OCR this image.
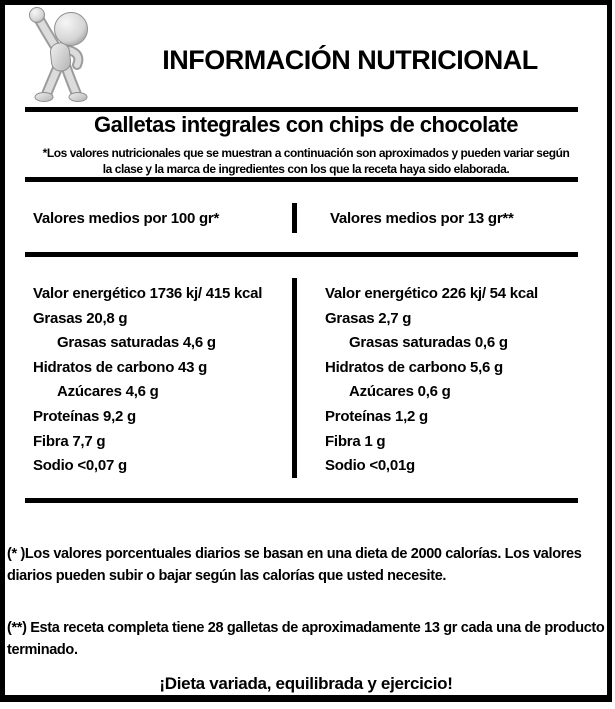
INFORMACIÓN NUTRICIONAL
Galletas integrales con chips de chocolate
*Los valores nutricionales que se muestran a continuación son aproximados y pueden variar según
la clase y la marca de ingredientes con los que la receta haya sido elaborada.
Valores medios por 100 gr*	Valores medios por 13 gr**
Valor energético 1736 kj/ 415 kcal
Grasas 20,8 g
Grasas saturadas 4,6 g
Hidratos de carbono 43 g
Azúcares 4,6 g
Proteínas 9,2 g
Fibra 7,7 g
Sodio <0,07 g
Valor energético 226 kj/ 54 kcal
Grasas 2,7 g
Grasas saturadas 0,6 g
Hidratos de carbono 5,6 g
Azúcares 0,6 g
Proteínas 1,2 g
Fibra 1 g
Sodio <0,01g
(* )Los valores porcentuales diarios se basan en una dieta de 2000 calorías. Los valores diarios pueden subir o bajar según las calorías que usted necesite.
(**) Esta receta completa tiene 28 galletas de aproximadamente 13 gr cada una de producto terminado.
¡Dieta variada, equilibrada y ejercicio!
